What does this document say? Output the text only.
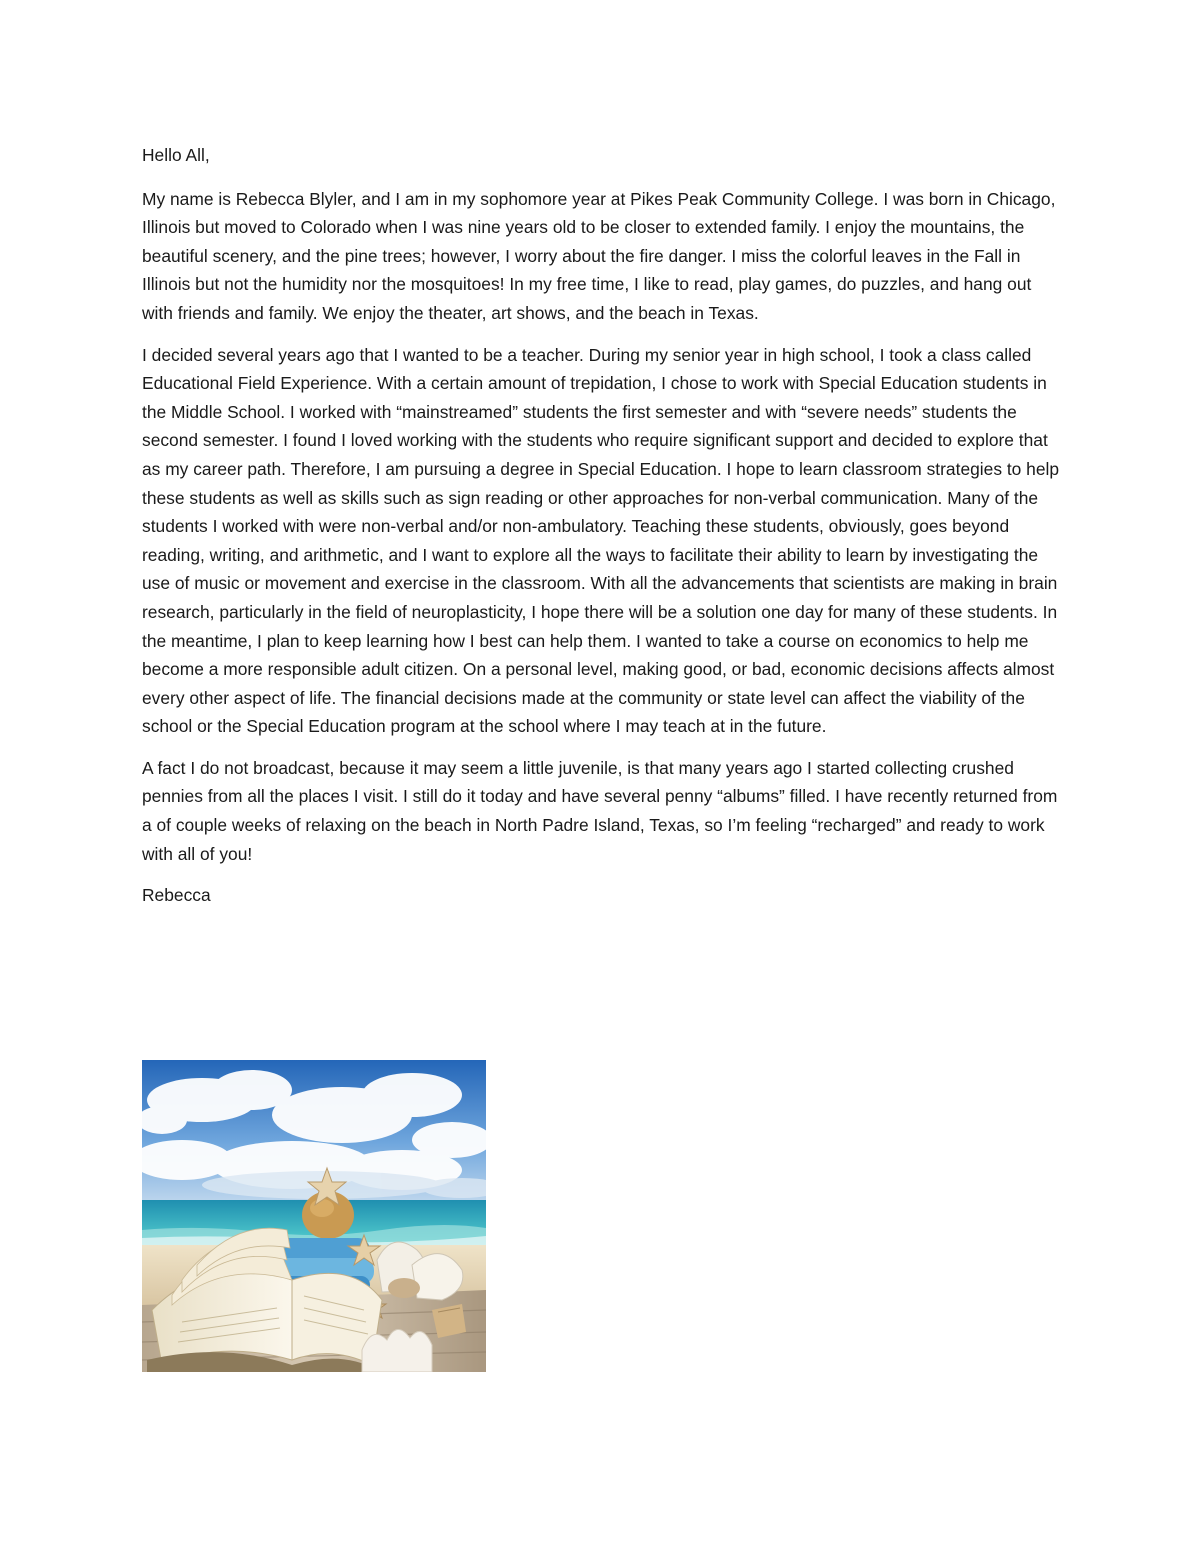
Hello All,

My name is Rebecca Blyler, and I am in my sophomore year at Pikes Peak Community College. I was born in Chicago, Illinois but moved to Colorado when I was nine years old to be closer to extended family. I enjoy the mountains, the beautiful scenery, and the pine trees; however, I worry about the fire danger. I miss the colorful leaves in the Fall in Illinois but not the humidity nor the mosquitoes! In my free time, I like to read, play games, do puzzles, and hang out with friends and family. We enjoy the theater, art shows, and the beach in Texas.

I decided several years ago that I wanted to be a teacher. During my senior year in high school, I took a class called Educational Field Experience. With a certain amount of trepidation, I chose to work with Special Education students in the Middle School. I worked with “mainstreamed” students the first semester and with “severe needs” students the second semester. I found I loved working with the students who require significant support and decided to explore that as my career path. Therefore, I am pursuing a degree in Special Education. I hope to learn classroom strategies to help these students as well as skills such as sign reading or other approaches for non-verbal communication. Many of the students I worked with were non-verbal and/or non-ambulatory. Teaching these students, obviously, goes beyond reading, writing, and arithmetic, and I want to explore all the ways to facilitate their ability to learn by investigating the use of music or movement and exercise in the classroom. With all the advancements that scientists are making in brain research, particularly in the field of neuroplasticity, I hope there will be a solution one day for many of these students. In the meantime, I plan to keep learning how I best can help them. I wanted to take a course on economics to help me become a more responsible adult citizen. On a personal level, making good, or bad, economic decisions affects almost every other aspect of life. The financial decisions made at the community or state level can affect the viability of the school or the Special Education program at the school where I may teach at in the future.

A fact I do not broadcast, because it may seem a little juvenile, is that many years ago I started collecting crushed pennies from all the places I visit. I still do it today and have several penny “albums” filled. I have recently returned from a of couple weeks of relaxing on the beach in North Padre Island, Texas, so I’m feeling “recharged” and ready to work with all of you!

Rebecca
